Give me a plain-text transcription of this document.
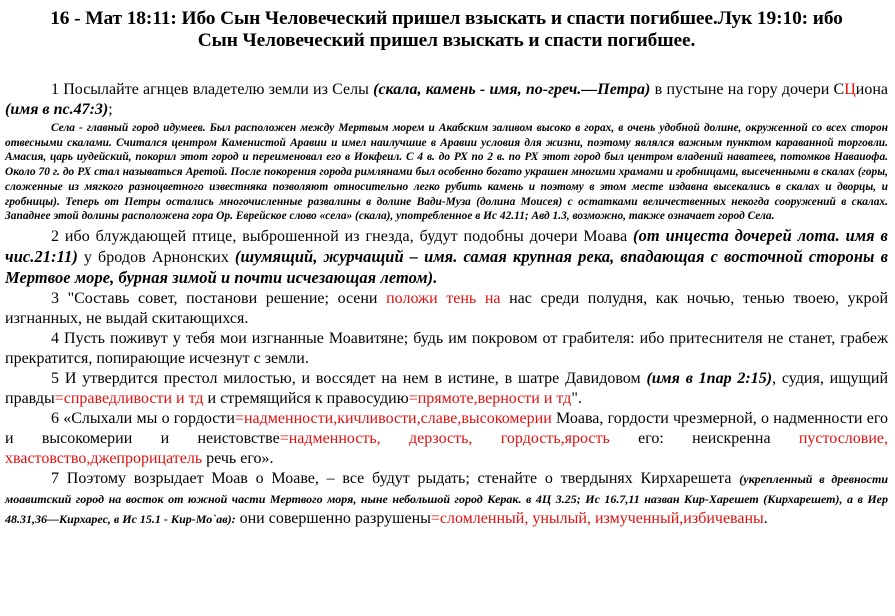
16 - Мат 18:11: Ибо Сын Человеческий пришел взыскать и спасти погибшее.Лук 19:10: ибо
Сын Человеческий пришел взыскать и спасти погибшее.

1 Посылайте агнцев владетелю земли из Селы (скала, камень - имя, по-греч.—Петра) в пустыне на гору дочери СЦиона (имя в пс.47:3);

Села - главный город идумеев. Был расположен между Мертвым морем и Акабским заливом высоко в горах, в очень удобной долине, окруженной со всех сторон отвесными скалами. Считался центром Каменистой Аравии и имел наилучшие в Аравии условия для жизни, поэтому являлся важным пунктом караванной торговли. Амасия, царь иудейский, покорил этот город и переименовал его в Иокфеил. С 4 в. до РХ по 2 в. по РХ этот город был центром владений наватеев, потомков Наваиофа. Около 70 г. до РХ стал называться Аретой. После покорения города римлянами был особенно богато украшен многими храмами и гробницами, высеченными в скалах (горы, сложенные из мягкого разноцветного известняка позволяют относительно легко рубить камень и поэтому в этом месте издавна высекались в скалах и дворцы, и гробницы). Теперь от Петры остались многочисленные развалины в долине Вади-Муза (долина Моисея) с остатками величественных некогда сооружений в скалах. Западнее этой долины расположена гора Ор. Еврейское слово «села» (скала), употребленное в Ис 42.11; Авд 1.3, возможно, также означает город Села.

2 ибо блуждающей птице, выброшенной из гнезда, будут подобны дочери Моава (от инцеста дочерей лота. имя в чис.21:11) у бродов Арнонских (шумящий, журчащий – имя. самая крупная река, впадающая с восточной стороны в Мертвое море, бурная зимой и почти исчезающая летом).

3 "Составь совет, постанови решение; осени положи тень на нас среди полудня, как ночью, тенью твоею, укрой изгнанных, не выдай скитающихся.

4 Пусть поживут у тебя мои изгнанные Моавитяне; будь им покровом от грабителя: ибо притеснителя не станет, грабеж прекратится, попирающие исчезнут с земли.

5 И утвердится престол милостью, и воссядет на нем в истине, в шатре Давидовом (имя в 1пар 2:15), судия, ищущий правды=справедливости и тд и стремящийся к правосудию=прямоте,верности и тд".

6 «Слыхали мы о гордости=надменности,кичливости,славе,высокомерии Моава, гордости чрезмерной, о надменности его и высокомерии и неистовстве=надменность, дерзость, гордость,ярость его: неискренна пустословие, хвастовство,джепрорицатель речь его».

7 Поэтому возрыдает Моав о Моаве, – все будут рыдать; стенайте о твердынях Кирхарешета (укрепленный в древности моавитский город на восток от южной части Мертвого моря, ныне небольшой город Керак. в 4Ц 3.25; Ис 16.7,11 назван Кир-Харешет (Кирхарешет), а в Иер 48.31,36—Кирхарес, в Ис 15.1 - Кир-Мо`ав): они совершенно разрушены=сломленный, унылый, измученный,избичеваны.
